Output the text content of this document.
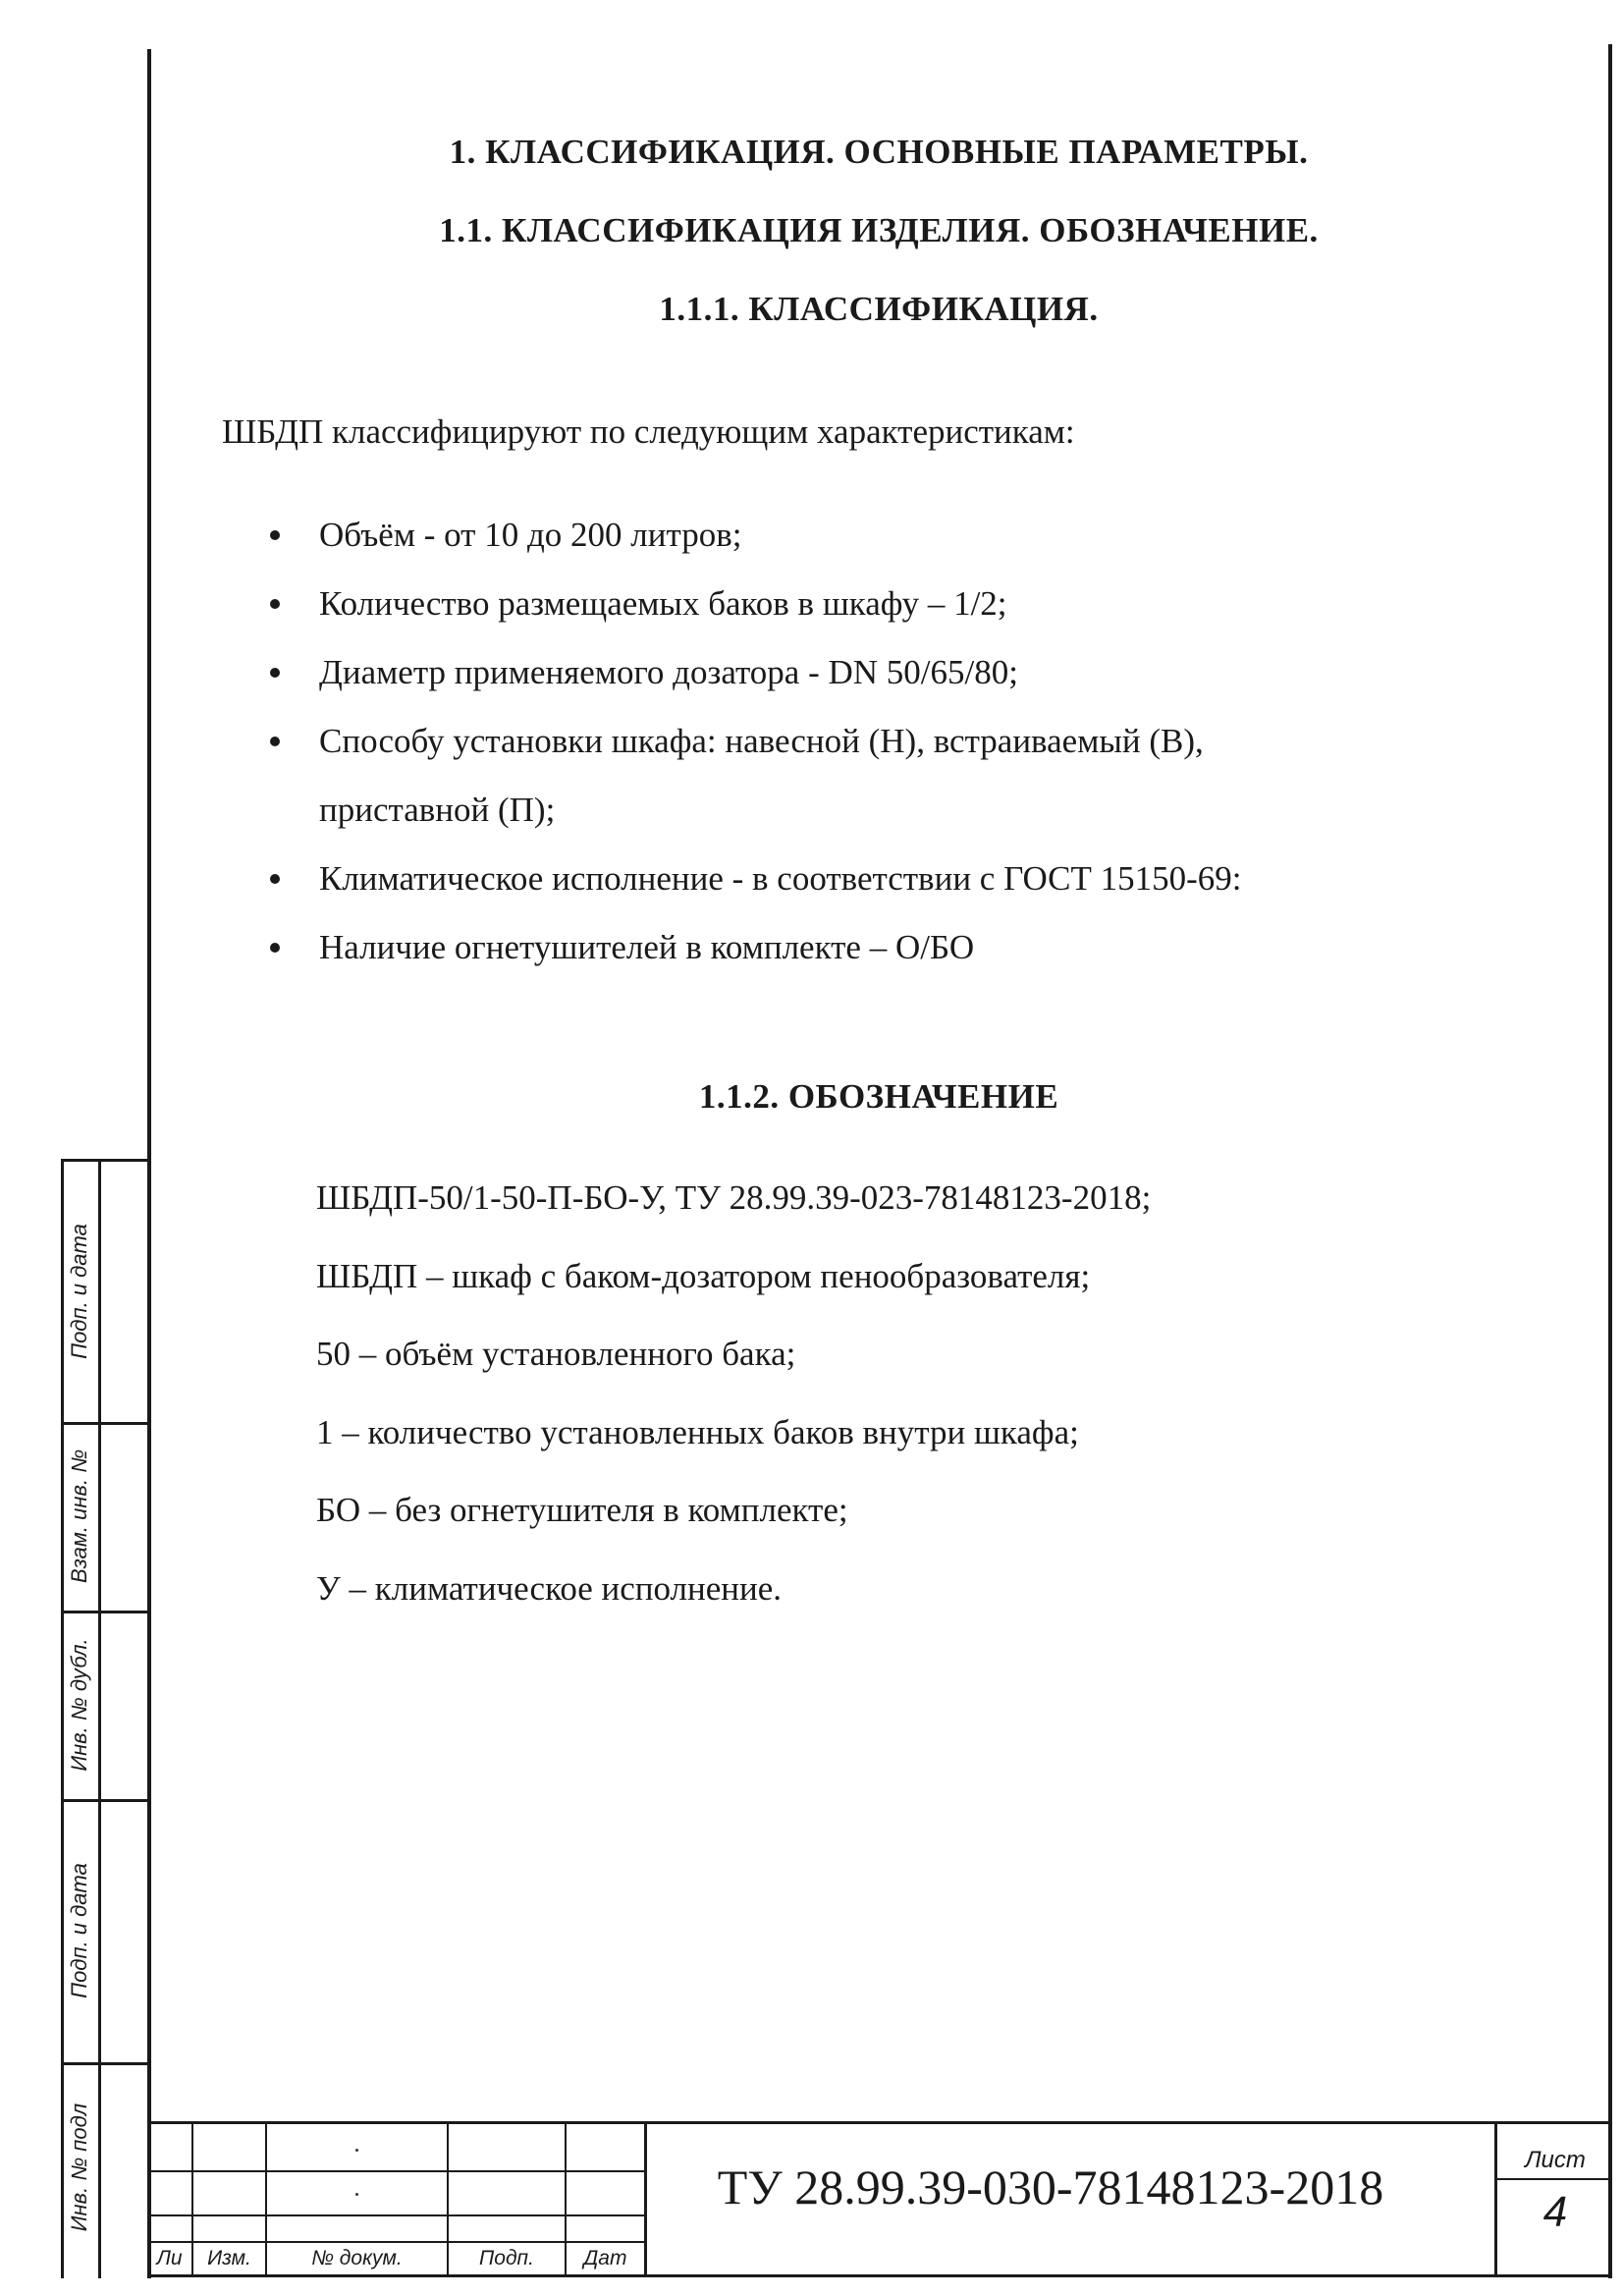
Подп. и дата
Взам. инв. №
Инв. № дубл.
Подп. и дата
Инв. № подл
1. КЛАССИФИКАЦИЯ. ОСНОВНЫЕ ПАРАМЕТРЫ.
1.1. КЛАССИФИКАЦИЯ ИЗДЕЛИЯ. ОБОЗНАЧЕНИЕ.
1.1.1. КЛАССИФИКАЦИЯ.
ШБДП классифицируют по следующим характеристикам:
Объём - от 10 до 200 литров;
Количество размещаемых баков в шкафу – 1/2;
Диаметр применяемого дозатора - DN 50/65/80;
Способу установки шкафа: навесной (Н), встраиваемый (В),
приставной (П);
Климатическое исполнение - в соответствии с ГОСТ 15150-69:
Наличие огнетушителей в комплекте – О/БО
1.1.2. ОБОЗНАЧЕНИЕ
ШБДП-50/1-50-П-БО-У, ТУ 28.99.39-023-78148123-2018;
ШБДП – шкаф с баком-дозатором пенообразователя;
50 – объём установленного бака;
1 – количество установленных баков внутри шкафа;
БО – без огнетушителя в комплекте;
У – климатическое исполнение.
Ли	Изм.	№ докум.	Подп.	Дат
ТУ 28.99.39-030-78148123-2018	Лист
4
